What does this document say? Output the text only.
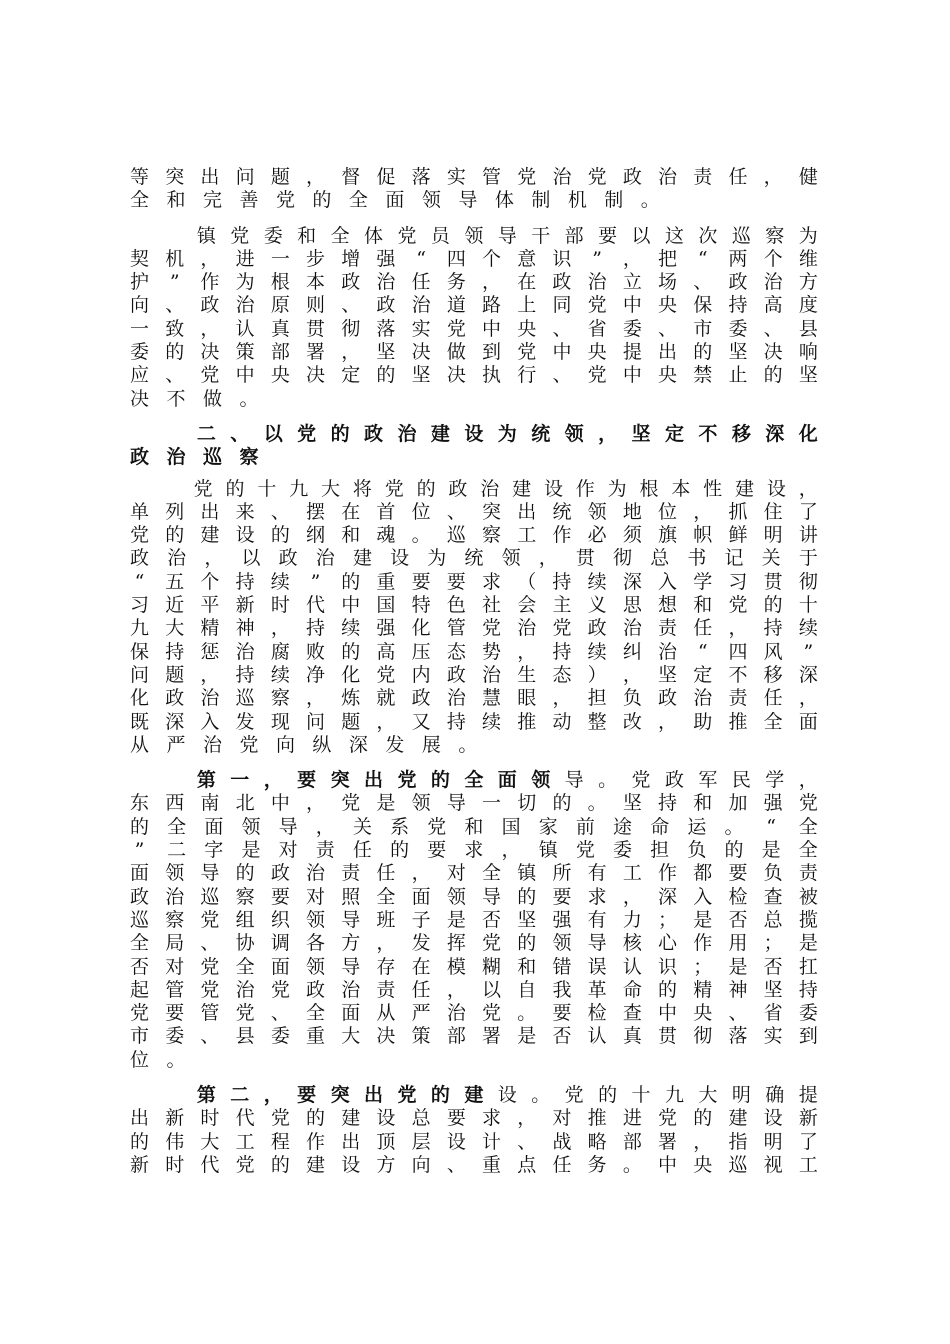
等 突 出 问 题 ， 督 促 落 实 管 党 治 党 政 治 责 任 ， 健
全 和 完 善 党 的 全 面 领 导 体 制 机 制 。

镇 党 委 和 全 体 党 员 领 导 干 部 要 以 这 次 巡 察 为
契 机 ， 进 一 步 增 强 “ 四 个 意 识 ” ， 把 “ 两 个 维
护 ” 作 为 根 本 政 治 任 务 ， 在 政 治 立 场 、 政 治 方
向 、 政 治 原 则 、 政 治 道 路 上 同 党 中 央 保 持 高 度
一 致 ， 认 真 贯 彻 落 实 党 中 央 、 省 委 、 市 委 、 县
委 的 决 策 部 署 ， 坚 决 做 到 党 中 央 提 出 的 坚 决 响
应 、 党 中 央 决 定 的 坚 决 执 行 、 党 中 央 禁 止 的 坚
决 不 做 。

二 、 以 党 的 政 治 建 设 为 统 领 ， 坚 定 不 移 深 化
政 治 巡 察

党 的 十 九 大 将 党 的 政 治 建 设 作 为 根 本 性 建 设 ，
单 列 出 来 、 摆 在 首 位 、 突 出 统 领 地 位 ， 抓 住 了
党 的 建 设 的 纲 和 魂 。 巡 察 工 作 必 须 旗 帜 鲜 明 讲
政 治 ， 以 政 治 建 设 为 统 领 ， 贯 彻 总 书 记 关 于
“ 五 个 持 续 ” 的 重 要 要 求 （ 持 续 深 入 学 习 贯 彻
习 近 平 新 时 代 中 国 特 色 社 会 主 义 思 想 和 党 的 十
九 大 精 神 ， 持 续 强 化 管 党 治 党 政 治 责 任 ， 持 续
保 持 惩 治 腐 败 的 高 压 态 势 ， 持 续 纠 治 “ 四 风 ”
问 题 ， 持 续 净 化 党 内 政 治 生 态 ） ， 坚 定 不 移 深
化 政 治 巡 察 ， 炼 就 政 治 慧 眼 ， 担 负 政 治 责 任 ，
既 深 入 发 现 问 题 ， 又 持 续 推 动 整 改 ， 助 推 全 面
从 严 治 党 向 纵 深 发 展 。

第 一 ， 要 突 出 党 的 全 面 领 导 。 党 政 军 民 学 ，
东 西 南 北 中 ， 党 是 领 导 一 切 的 。 坚 持 和 加 强 党
的 全 面 领 导 ， 关 系 党 和 国 家 前 途 命 运 。 “ 全
” 二 字 是 对 责 任 的 要 求 ， 镇 党 委 担 负 的 是 全
面 领 导 的 政 治 责 任 ， 对 全 镇 所 有 工 作 都 要 负 责
政 治 巡 察 要 对 照 全 面 领 导 的 要 求 ， 深 入 检 查 被
巡 察 党 组 织 领 导 班 子 是 否 坚 强 有 力 ； 是 否 总 揽
全 局 、 协 调 各 方 ， 发 挥 党 的 领 导 核 心 作 用 ； 是
否 对 党 全 面 领 导 存 在 模 糊 和 错 误 认 识 ； 是 否 扛
起 管 党 治 党 政 治 责 任 ， 以 自 我 革 命 的 精 神 坚 持
党 要 管 党 、 全 面 从 严 治 党 。 要 检 查 中 央 、 省 委
市 委 、 县 委 重 大 决 策 部 署 是 否 认 真 贯 彻 落 实 到
位 。

第 二 ， 要 突 出 党 的 建 设 。 党 的 十 九 大 明 确 提
出 新 时 代 党 的 建 设 总 要 求 ， 对 推 进 党 的 建 设 新
的 伟 大 工 程 作 出 顶 层 设 计 、 战 略 部 署 ， 指 明 了
新 时 代 党 的 建 设 方 向 、 重 点 任 务 。 中 央 巡 视 工
